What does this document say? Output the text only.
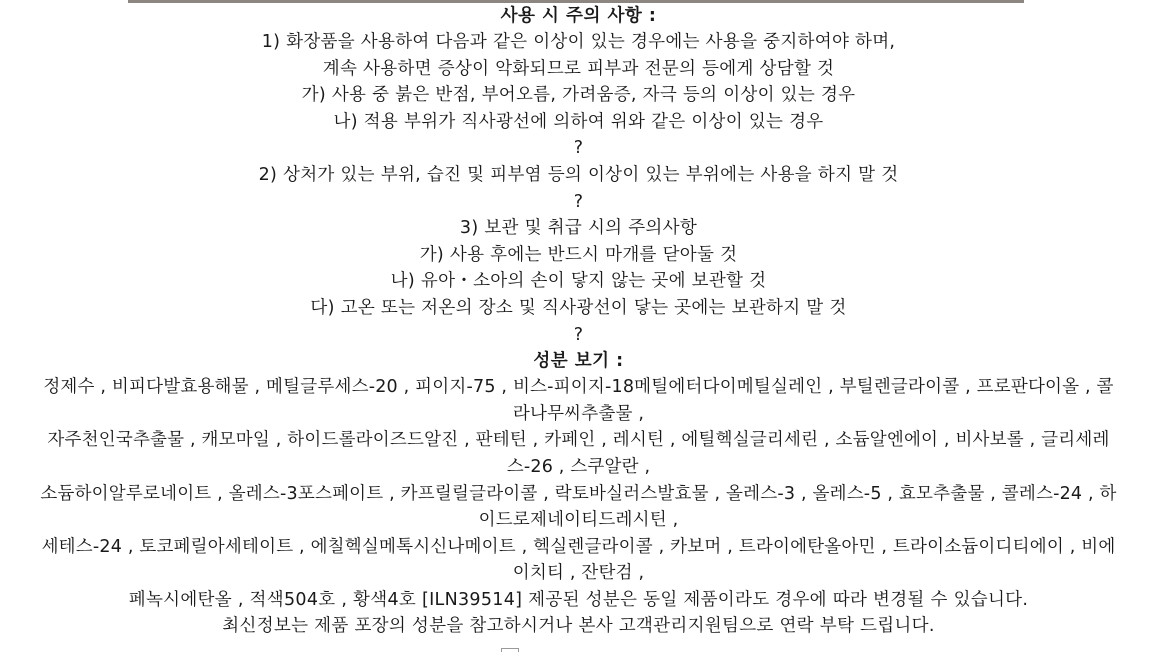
사용 시 주의 사항 :
1) 화장품을 사용하여 다음과 같은 이상이 있는 경우에는 사용을 중지하여야 하며,
계속 사용하면 증상이 악화되므로 피부과 전문의 등에게 상담할 것
가) 사용 중 붉은 반점, 부어오름, 가려움증, 자극 등의 이상이 있는 경우
나) 적용 부위가 직사광선에 의하여 위와 같은 이상이 있는 경우
?
2) 상처가 있는 부위, 습진 및 피부염 등의 이상이 있는 부위에는 사용을 하지 말 것
?
3) 보관 및 취급 시의 주의사항
가) 사용 후에는 반드시 마개를 닫아둘 것
나) 유아・소아의 손이 닿지 않는 곳에 보관할 것
다) 고온 또는 저온의 장소 및 직사광선이 닿는 곳에는 보관하지 말 것
?
성분 보기 :
정제수 , 비피다발효용해물 , 메틸글루세스-20 , 피이지-75 , 비스-피이지-18메틸에터다이메틸실레인 , 부틸렌글라이콜 , 프로판다이올 , 콜라나무씨추출물 ,
자주천인국추출물 , 캐모마일 , 하이드롤라이즈드알진 , 판테틴 , 카페인 , 레시틴 , 에틸헥실글리세린 , 소듐알엔에이 , 비사보롤 , 글리세레스-26 , 스쿠알란 ,
소듐하이알루로네이트 , 올레스-3포스페이트 , 카프릴릴글라이콜 , 락토바실러스발효물 , 올레스-3 , 올레스-5 , 효모추출물 , 콜레스-24 , 하이드로제네이티드레시틴 ,
세테스-24 , 토코페릴아세테이트 , 에칠헥실메톡시신나메이트 , 헥실렌글라이콜 , 카보머 , 트라이에탄올아민 , 트라이소듐이디티에이 , 비에이치티 , 잔탄검 ,
페녹시에탄올 , 적색504호 , 황색4호 [ILN39514] 제공된 성분은 동일 제품이라도 경우에 따라 변경될 수 있습니다.
최신정보는 제품 포장의 성분을 참고하시거나 본사 고객관리지원팀으로 연락 부탁 드립니다.
